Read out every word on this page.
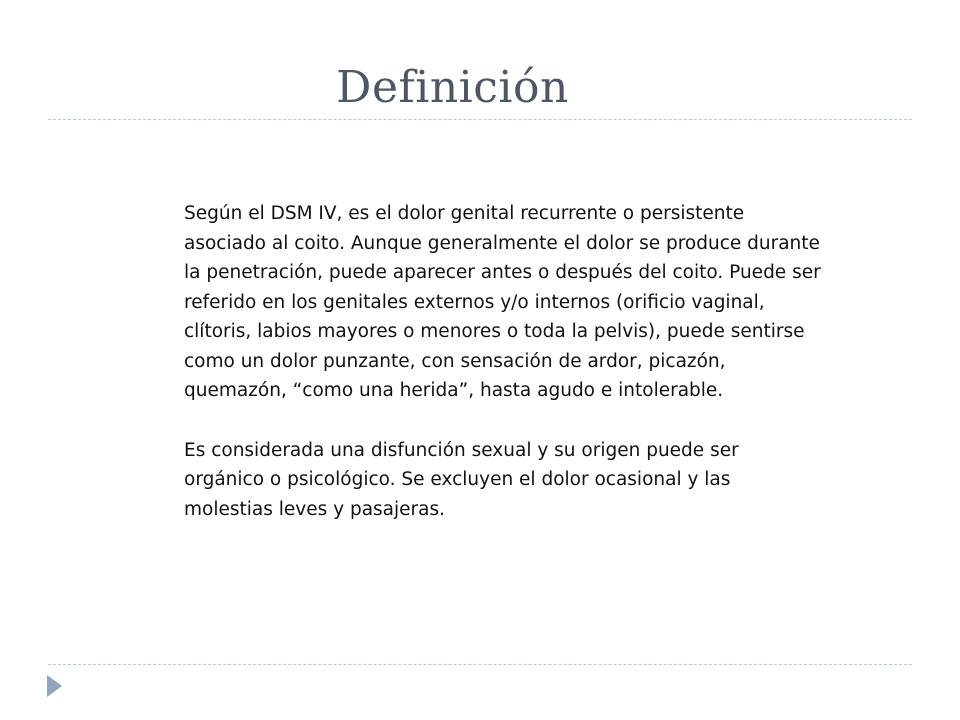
Definición

Según el DSM IV, es el dolor genital recurrente o persistente asociado al coito. Aunque generalmente el dolor se produce durante la penetración, puede aparecer antes o después del coito. Puede ser referido en los genitales externos y/o internos (orificio vaginal, clítoris, labios mayores o menores o toda la pelvis), puede sentirse como un dolor punzante, con sensación de ardor, picazón, quemazón, “como una herida”, hasta agudo e intolerable.

Es considerada una disfunción sexual y su origen puede ser orgánico o psicológico. Se excluyen el dolor ocasional y las molestias leves y pasajeras.
